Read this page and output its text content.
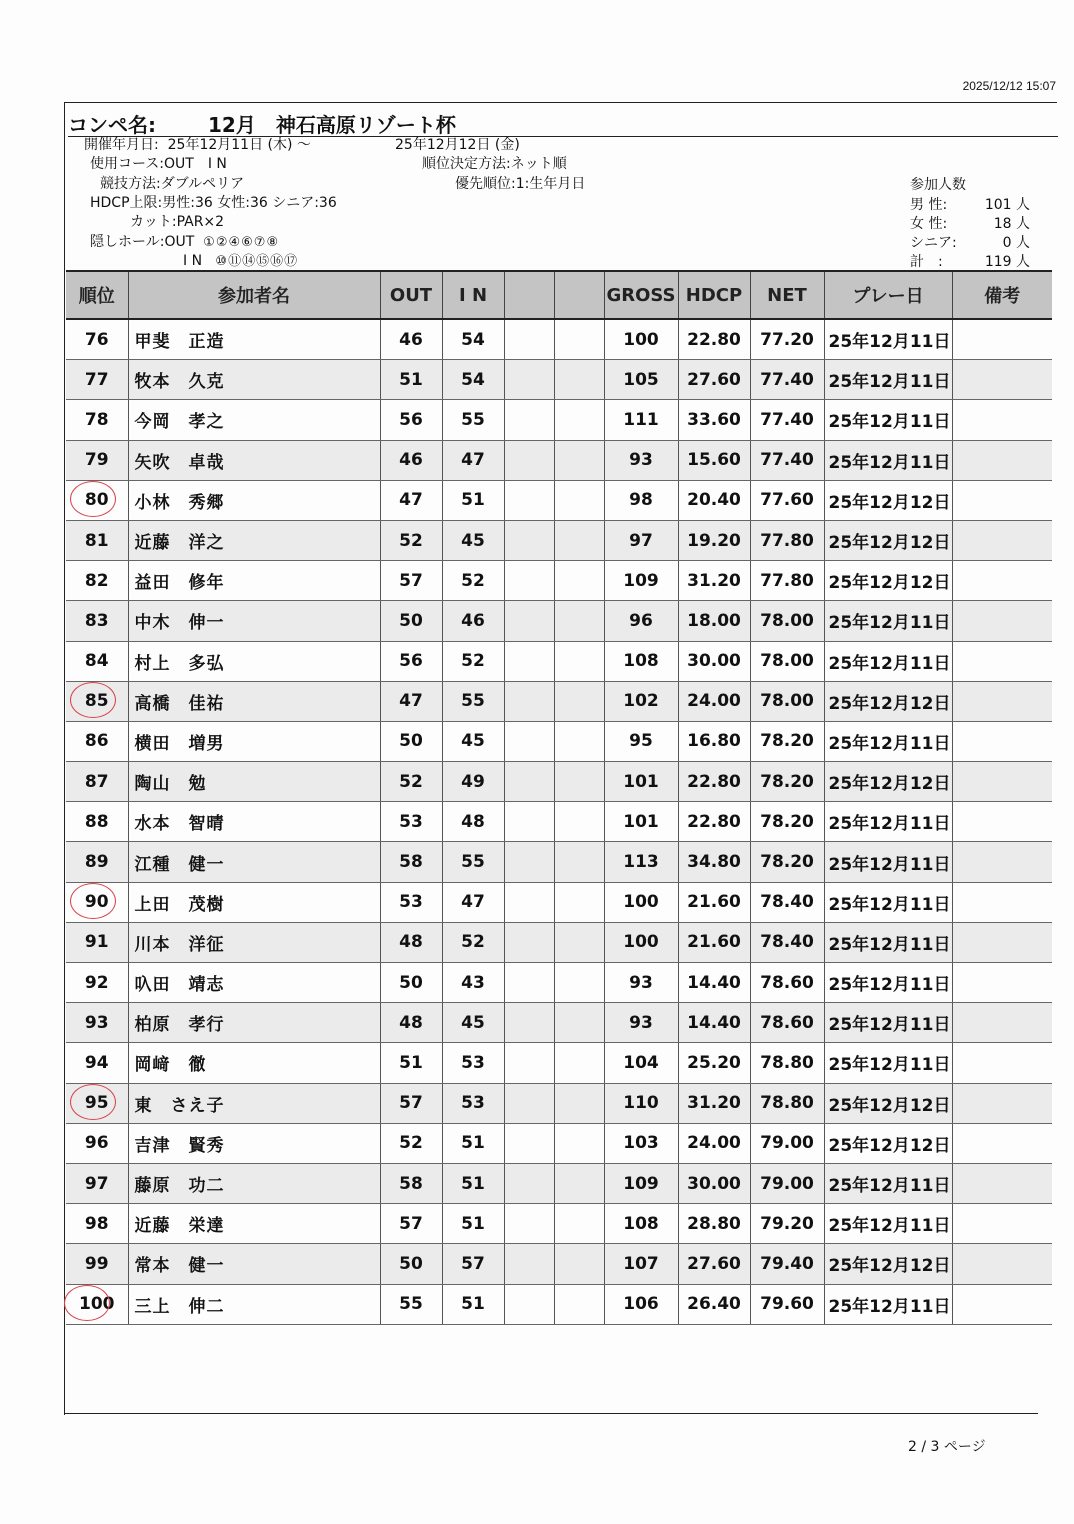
2025/12/12 15:07
コンペ名:	12月　神石高原リゾート杯
開催年月日: 25年12月11日 (木) ～	25年12月12日 (金)
使用コース:OUT　I N
競技方法:ダブルペリア
HDCP上限:男性:36 女性:36 シニア:36
カット:PAR×2
隠しホール:OUT ①②④⑥⑦⑧
I N ⑩⑪⑭⑮⑯⑰
順位決定方法:ネット順
優先順位:1:生年月日	参加人数
男 性:	101 人
女 性:	18 人
シニア:	0 人
計　:	119 人
順位	参加者名	OUT	I N			GROSS	HDCP	NET	プレー日	備考
76	甲斐　正造	46	54			100	22.80	77.20	25年12月11日	
77	牧本　久克	51	54			105	27.60	77.40	25年12月11日	
78	今岡　孝之	56	55			111	33.60	77.40	25年12月11日	
79	矢吹　卓哉	46	47			93	15.60	77.40	25年12月11日	
80	小林　秀郷	47	51			98	20.40	77.60	25年12月12日	
81	近藤　洋之	52	45			97	19.20	77.80	25年12月12日	
82	益田　修年	57	52			109	31.20	77.80	25年12月12日	
83	中木　伸一	50	46			96	18.00	78.00	25年12月11日	
84	村上　多弘	56	52			108	30.00	78.00	25年12月11日	
85	高橋　佳祐	47	55			102	24.00	78.00	25年12月12日	
86	横田　増男	50	45			95	16.80	78.20	25年12月11日	
87	陶山　勉	52	49			101	22.80	78.20	25年12月12日	
88	水本　智晴	53	48			101	22.80	78.20	25年12月11日	
89	江種　健一	58	55			113	34.80	78.20	25年12月11日	
90	上田　茂樹	53	47			100	21.60	78.40	25年12月11日	
91	川本　洋征	48	52			100	21.60	78.40	25年12月11日	
92	叺田　靖志	50	43			93	14.40	78.60	25年12月11日	
93	柏原　孝行	48	45			93	14.40	78.60	25年12月11日	
94	岡﨑　徹	51	53			104	25.20	78.80	25年12月11日	
95	東　さえ子	57	53			110	31.20	78.80	25年12月12日	
96	吉津　賢秀	52	51			103	24.00	79.00	25年12月12日	
97	藤原　功二	58	51			109	30.00	79.00	25年12月11日	
98	近藤　栄達	57	51			108	28.80	79.20	25年12月11日	
99	常本　健一	50	57			107	27.60	79.40	25年12月12日	
100	三上　伸二	55	51			106	26.40	79.60	25年12月11日	
2 / 3 ページ
